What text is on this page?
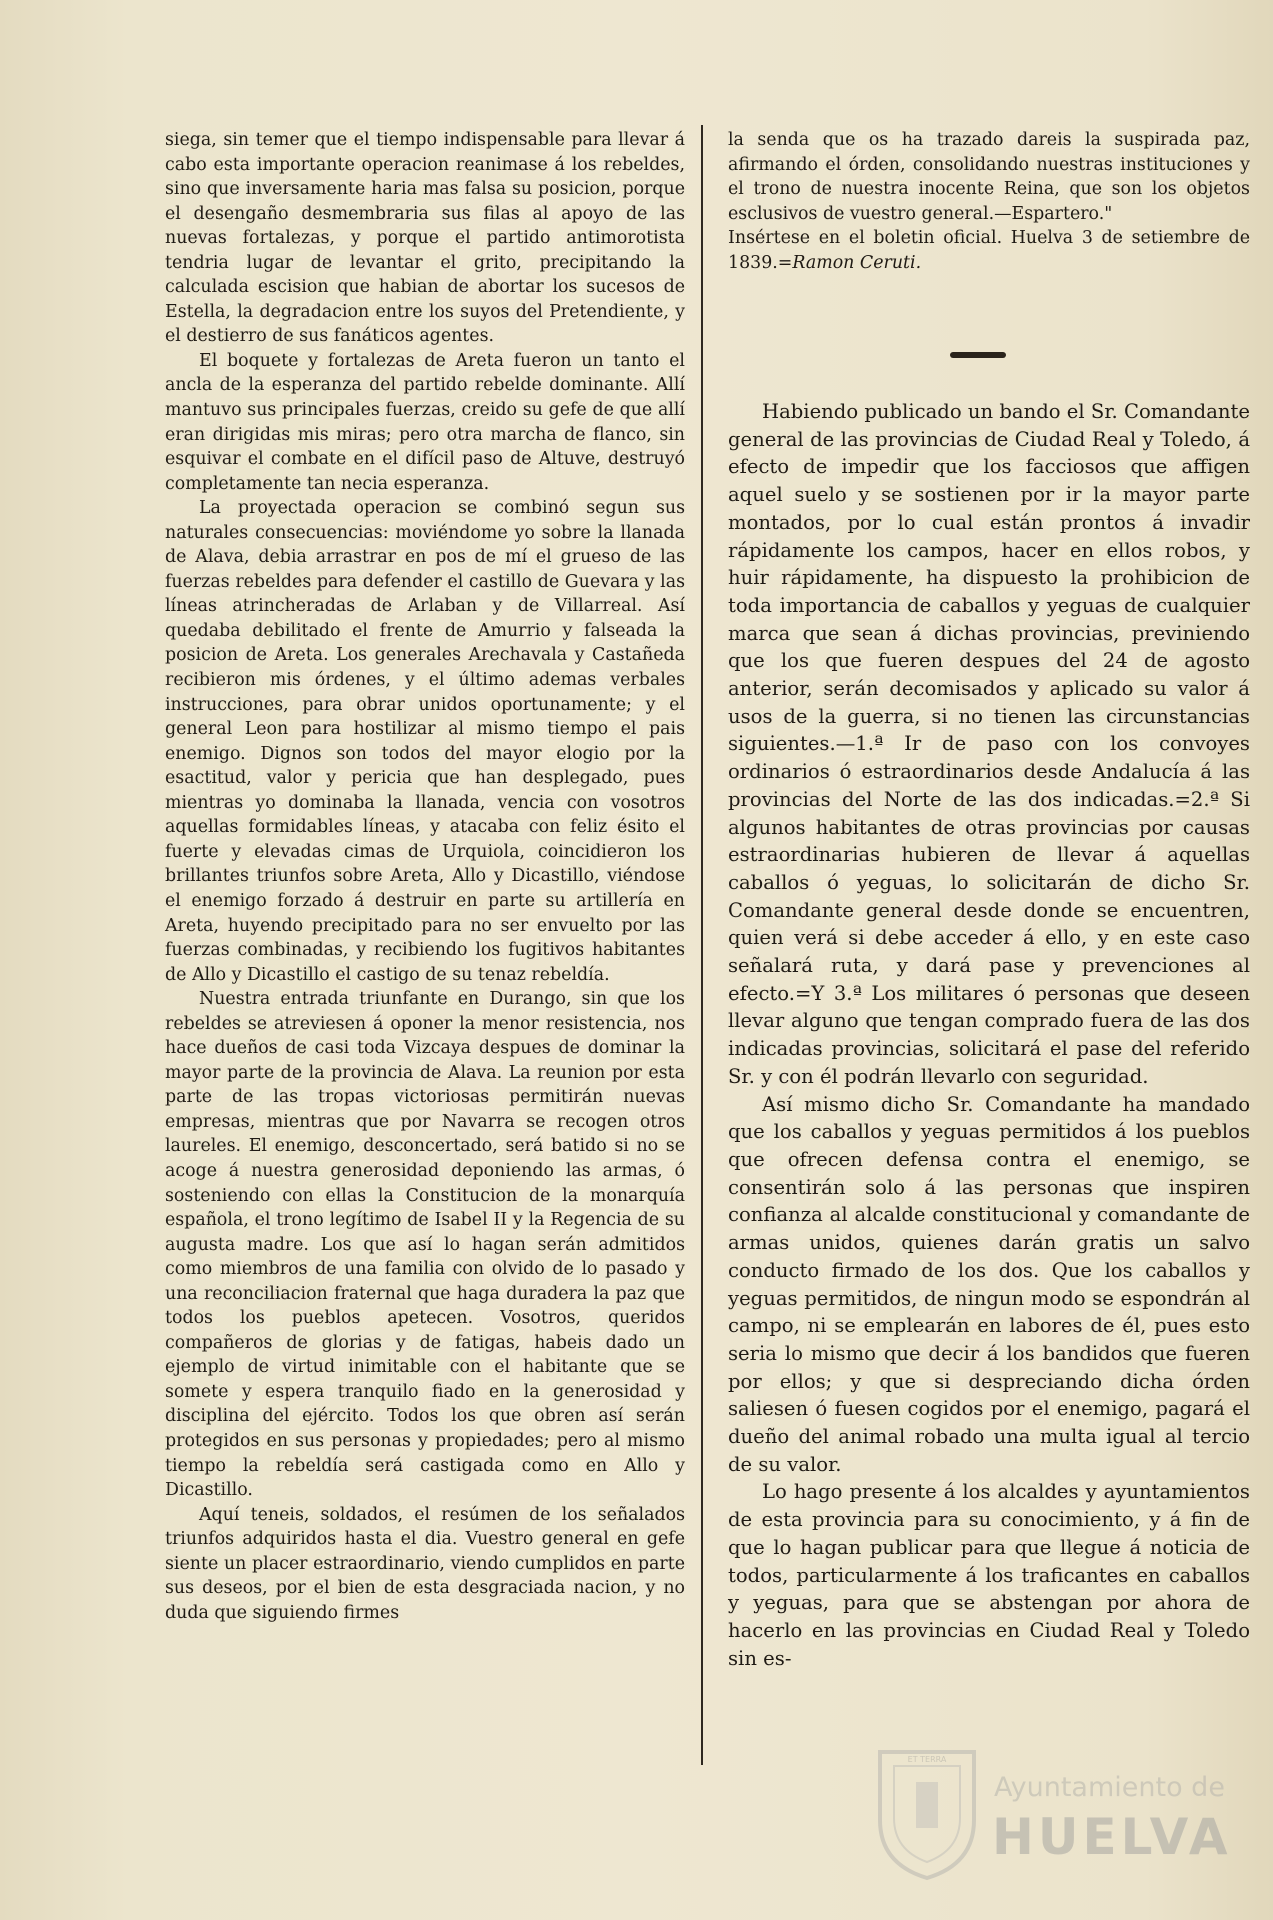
siega, sin temer que el tiempo indispensable para llevar á cabo esta importante operacion reanimase á los rebeldes, sino que inversamente haria mas falsa su posicion, porque el desengaño desmembraria sus filas al apoyo de las nuevas fortalezas, y porque el partido antimorotista tendria lugar de levantar el grito, precipitando la calculada escision que habian de abortar los sucesos de Estella, la degradacion entre los suyos del Pretendiente, y el destierro de sus fanáticos agentes.

El boquete y fortalezas de Areta fueron un tanto el ancla de la esperanza del partido rebelde dominante. Allí mantuvo sus principales fuerzas, creido su gefe de que allí eran dirigidas mis miras; pero otra marcha de flanco, sin esquivar el combate en el difícil paso de Altuve, destruyó completamente tan necia esperanza.

La proyectada operacion se combinó segun sus naturales consecuencias: moviéndome yo sobre la llanada de Alava, debia arrastrar en pos de mí el grueso de las fuerzas rebeldes para defender el castillo de Guevara y las líneas atrincheradas de Arlaban y de Villarreal. Así quedaba debilitado el frente de Amurrio y falseada la posicion de Areta. Los generales Arechavala y Castañeda recibieron mis órdenes, y el último ademas verbales instrucciones, para obrar unidos oportunamente; y el general Leon para hostilizar al mismo tiempo el pais enemigo. Dignos son todos del mayor elogio por la esactitud, valor y pericia que han desplegado, pues mientras yo dominaba la llanada, vencia con vosotros aquellas formidables líneas, y atacaba con feliz ésito el fuerte y elevadas cimas de Urquiola, coincidieron los brillantes triunfos sobre Areta, Allo y Dicastillo, viéndose el enemigo forzado á destruir en parte su artillería en Areta, huyendo precipitado para no ser envuelto por las fuerzas combinadas, y recibiendo los fugitivos habitantes de Allo y Dicastillo el castigo de su tenaz rebeldía.

Nuestra entrada triunfante en Durango, sin que los rebeldes se atreviesen á oponer la menor resistencia, nos hace dueños de casi toda Vizcaya despues de dominar la mayor parte de la provincia de Alava. La reunion por esta parte de las tropas victoriosas permitirán nuevas empresas, mientras que por Navarra se recogen otros laureles. El enemigo, desconcertado, será batido si no se acoge á nuestra generosidad deponiendo las armas, ó sosteniendo con ellas la Constitucion de la monarquía española, el trono legítimo de Isabel II y la Regencia de su augusta madre. Los que así lo hagan serán admitidos como miembros de una familia con olvido de lo pasado y una reconciliacion fraternal que haga duradera la paz que todos los pueblos apetecen. Vosotros, queridos compañeros de glorias y de fatigas, habeis dado un ejemplo de virtud inimitable con el habitante que se somete y espera tranquilo fiado en la generosidad y disciplina del ejército. Todos los que obren así serán protegidos en sus personas y propiedades; pero al mismo tiempo la rebeldía será castigada como en Allo y Dicastillo.

Aquí teneis, soldados, el resúmen de los señalados triunfos adquiridos hasta el dia. Vuestro general en gefe siente un placer estraordinario, viendo cumplidos en parte sus deseos, por el bien de esta desgraciada nacion, y no duda que siguiendo firmes

la senda que os ha trazado dareis la suspirada paz, afirmando el órden, consolidando nuestras instituciones y el trono de nuestra inocente Reina, que son los objetos esclusivos de vuestro general.—Espartero."

Insértese en el boletin oficial. Huelva 3 de setiembre de 1839.=Ramon Ceruti.

Habiendo publicado un bando el Sr. Comandante general de las provincias de Ciudad Real y Toledo, á efecto de impedir que los facciosos que affigen aquel suelo y se sostienen por ir la mayor parte montados, por lo cual están prontos á invadir rápidamente los campos, hacer en ellos robos, y huir rápidamente, ha dispuesto la prohibicion de toda importancia de caballos y yeguas de cualquier marca que sean á dichas provincias, previniendo que los que fueren despues del 24 de agosto anterior, serán decomisados y aplicado su valor á usos de la guerra, si no tienen las circunstancias siguientes.—1.ª Ir de paso con los convoyes ordinarios ó estraordinarios desde Andalucía á las provincias del Norte de las dos indicadas.=2.ª Si algunos habitantes de otras provincias por causas estraordinarias hubieren de llevar á aquellas caballos ó yeguas, lo solicitarán de dicho Sr. Comandante general desde donde se encuentren, quien verá si debe acceder á ello, y en este caso señalará ruta, y dará pase y prevenciones al efecto.=Y 3.ª Los militares ó personas que deseen llevar alguno que tengan comprado fuera de las dos indicadas provincias, solicitará el pase del referido Sr. y con él podrán llevarlo con seguridad.

Así mismo dicho Sr. Comandante ha mandado que los caballos y yeguas permitidos á los pueblos que ofrecen defensa contra el enemigo, se consentirán solo á las personas que inspiren confianza al alcalde constitucional y comandante de armas unidos, quienes darán gratis un salvo conducto firmado de los dos. Que los caballos y yeguas permitidos, de ningun modo se espondrán al campo, ni se emplearán en labores de él, pues esto seria lo mismo que decir á los bandidos que fueren por ellos; y que si despreciando dicha órden saliesen ó fuesen cogidos por el enemigo, pagará el dueño del animal robado una multa igual al tercio de su valor.

Lo hago presente á los alcaldes y ayuntamientos de esta provincia para su conocimiento, y á fin de que lo hagan publicar para que llegue á noticia de todos, particularmente á los traficantes en caballos y yeguas, para que se abstengan por ahora de hacerlo en las provincias en Ciudad Real y Toledo sin es-

ET TERRA
Ayuntamiento de
HUELVA
